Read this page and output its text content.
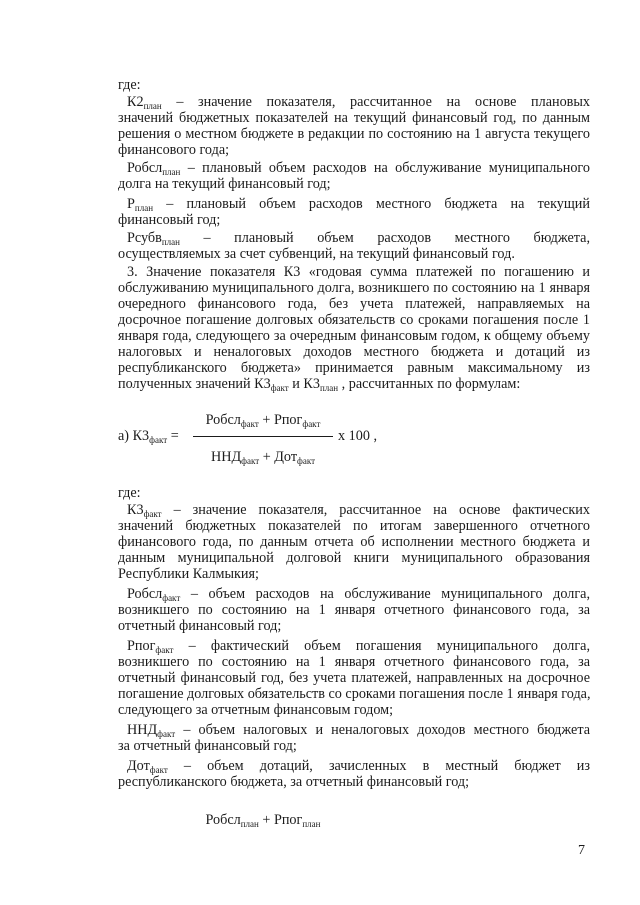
где:
$К2_{план}$ – значение показателя, рассчитанное на основе плановых
значений бюджетных показателей на текущий финансовый год, по данным
решения о местном бюджете в редакции по состоянию на 1 августа текущего
финансового года;
Робсл$_{план}$ – плановый объем расходов на обслуживание муниципального
долга на текущий финансовый год;
$Р_{план}$ – плановый объем расходов местного бюджета на текущий
финансовый год;
Рсубв$_{план}$ – плановый объем расходов местного бюджета,
осуществляемых за счет субвенций, на текущий финансовый год.
3. Значение показателя К3 «годовая сумма платежей по погашению и
обслуживанию муниципального долга, возникшего по состоянию на 1 января
очередного финансового года, без учета платежей, направляемых на
досрочное погашение долговых обязательств со сроками погашения после 1
января года, следующего за очередным финансовым годом, к общему объему
налоговых и неналоговых доходов местного бюджета и дотаций из
республиканского бюджета» принимается равным максимальному из
полученных значений $К3_{факт}$ и $К3_{план}$ , рассчитанных по формулам:
Робсл$_{факт}$ + Рпог$_{факт}$
а) $К3_{факт}$ =	х 100 ,
$ННД_{факт} + Дот_{факт}$
где:
$К3_{факт}$ – значение показателя, рассчитанное на основе фактических
значений бюджетных показателей по итогам завершенного отчетного
финансового года, по данным отчета об исполнении местного бюджета и
данным муниципальной долговой книги муниципального образования
Республики Калмыкия;
Робсл$_{факт}$ – объем расходов на обслуживание муниципального долга,
возникшего по состоянию на 1 января отчетного финансового года, за
отчетный финансовый год;
Рпог$_{факт}$ – фактический объем погашения муниципального долга,
возникшего по состоянию на 1 января отчетного финансового года, за
отчетный финансовый год, без учета платежей, направленных на досрочное
погашение долговых обязательств со сроками погашения после 1 января года,
следующего за отчетным финансовым годом;
$ННД_{факт}$ – объем налоговых и неналоговых доходов местного бюджета
за отчетный финансовый год;
Дот$_{факт}$ – объем дотаций, зачисленных в местный бюджет из
республиканского бюджета, за отчетный финансовый год;
Робсл$_{план}$ + Рпог$_{план}$
7
